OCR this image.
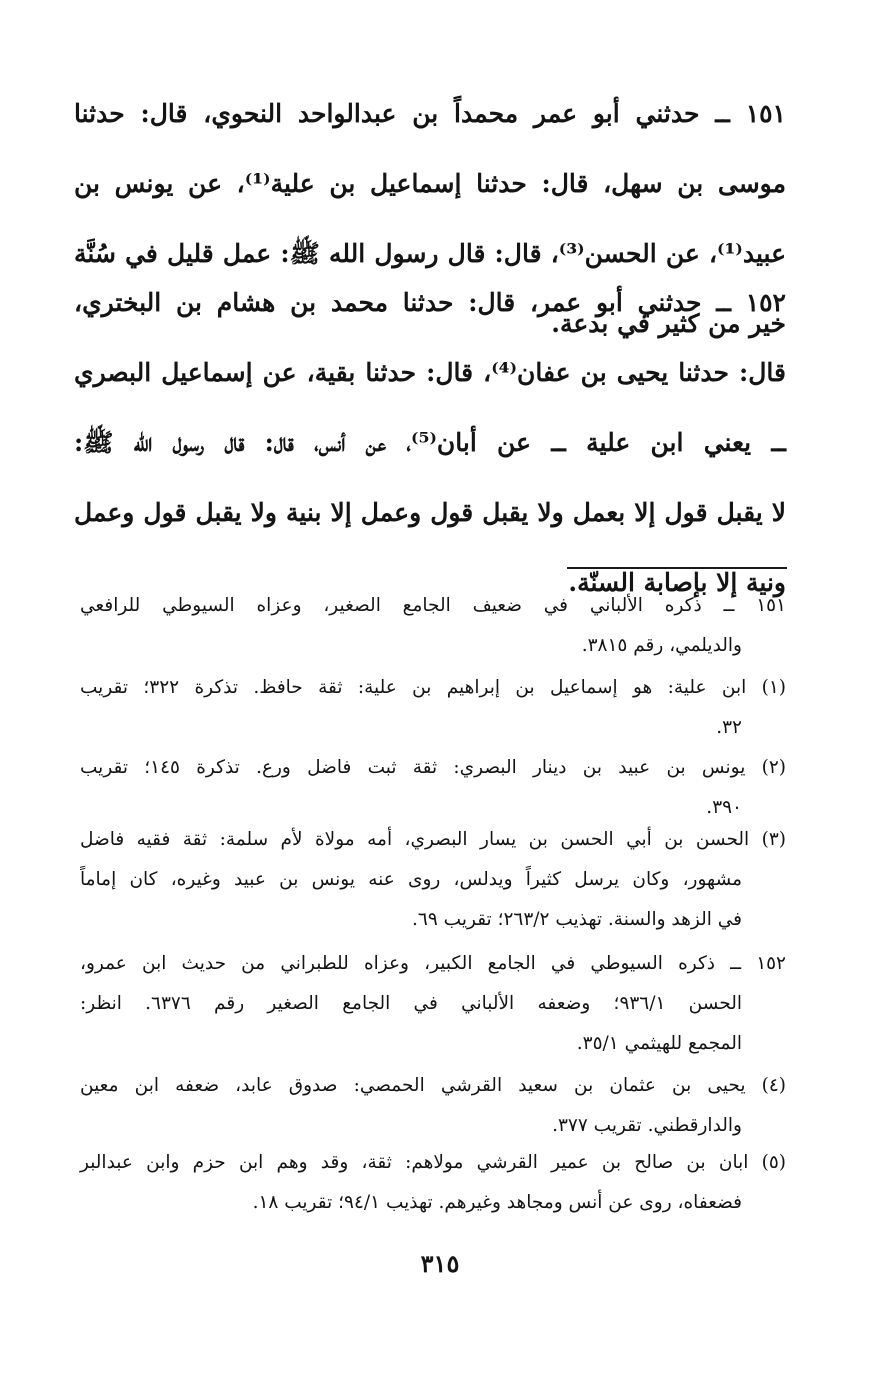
١٥١ ــ حدثني أبو عمر محمداً بن عبدالواحد النحوي، قال: حدثنا
موسى بن سهل، قال: حدثنا إسماعيل بن علية⁽¹⁾، عن يونس بن
عبيد⁽¹⁾، عن الحسن⁽³⁾، قال: قال رسول الله ﷺ: عمل قليل في سُنَّة
خير من كثير في بدعة.
١٥٢ ــ حدثني أبو عمر، قال: حدثنا محمد بن هشام بن البختري،
قال: حدثنا يحيى بن عفان⁽⁴⁾، قال: حدثنا بقية، عن إسماعيل البصري
ــ يعني ابن علية ــ عن أبان⁽⁵⁾، عن أنس، قال: قال رسول الله ﷺ:
لا يقبل قول إلا بعمل ولا يقبل قول وعمل إلا بنية ولا يقبل قول وعمل
ونية إلا بإصابة السنّة.
١٥١ ــ ذكره الألباني في ضعيف الجامع الصغير، وعزاه السيوطي للرافعي
والديلمي، رقم ٣٨١٥.
(١) ابن علية: هو إسماعيل بن إبراهيم بن علية: ثقة حافظ. تذكرة ٣٢٢؛ تقريب
٣٢.
(٢) يونس بن عبيد بن دينار البصري: ثقة ثبت فاضل ورع. تذكرة ١٤٥؛ تقريب
٣٩٠.
(٣) الحسن بن أبي الحسن بن يسار البصري، أمه مولاة لأم سلمة: ثقة فقيه فاضل
مشهور، وكان يرسل كثيراً ويدلس، روى عنه يونس بن عبيد وغيره، كان إماماً
في الزهد والسنة. تهذيب ٢٦٣/٢؛ تقريب ٦٩.
١٥٢ ــ ذكره السيوطي في الجامع الكبير، وعزاه للطبراني من حديث ابن عمرو،
الحسن ٩٣٦/١؛ وضعفه الألباني في الجامع الصغير رقم ٦٣٧٦. انظر:
المجمع للهيثمي ٣٥/١.
(٤) يحيى بن عثمان بن سعيد القرشي الحمصي: صدوق عابد، ضعفه ابن معين
والدارقطني. تقريب ٣٧٧.
(٥) ابان بن صالح بن عمير القرشي مولاهم: ثقة، وقد وهم ابن حزم وابن عبدالبر
فضعفاه، روى عن أنس ومجاهد وغيرهم. تهذيب ٩٤/١؛ تقريب ١٨.
٣١٥
